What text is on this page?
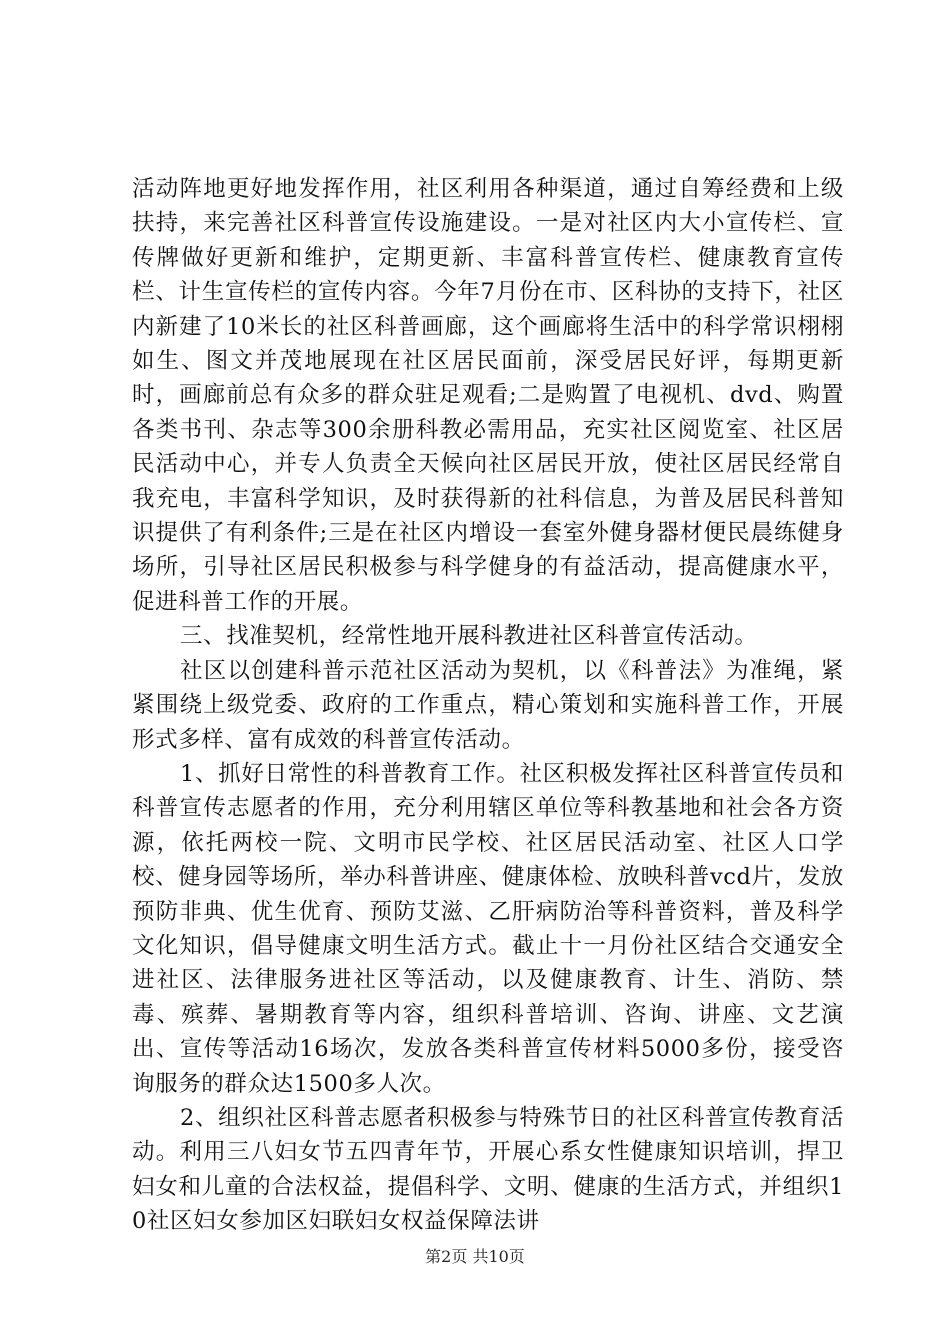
活动阵地更好地发挥作用，社区利用各种渠道，通过自筹经费和上级扶持，来完善社区科普宣传设施建设。一是对社区内大小宣传栏、宣传牌做好更新和维护，定期更新、丰富科普宣传栏、健康教育宣传栏、计生宣传栏的宣传内容。今年7月份在市、区科协的支持下，社区内新建了10米长的社区科普画廊，这个画廊将生活中的科学常识栩栩如生、图文并茂地展现在社区居民面前，深受居民好评，每期更新时，画廊前总有众多的群众驻足观看;二是购置了电视机、dvd、购置各类书刊、杂志等300余册科教必需用品，充实社区阅览室、社区居民活动中心，并专人负责全天候向社区居民开放，使社区居民经常自我充电，丰富科学知识，及时获得新的社科信息，为普及居民科普知识提供了有利条件;三是在社区内增设一套室外健身器材便民晨练健身场所，引导社区居民积极参与科学健身的有益活动，提高健康水平，促进科普工作的开展。

三、找准契机，经常性地开展科教进社区科普宣传活动。

社区以创建科普示范社区活动为契机，以《科普法》为准绳，紧紧围绕上级党委、政府的工作重点，精心策划和实施科普工作，开展形式多样、富有成效的科普宣传活动。

1、抓好日常性的科普教育工作。社区积极发挥社区科普宣传员和科普宣传志愿者的作用，充分利用辖区单位等科教基地和社会各方资源，依托两校一院、文明市民学校、社区居民活动室、社区人口学校、健身园等场所，举办科普讲座、健康体检、放映科普vcd片，发放预防非典、优生优育、预防艾滋、乙肝病防治等科普资料，普及科学文化知识，倡导健康文明生活方式。截止十一月份社区结合交通安全进社区、法律服务进社区等活动，以及健康教育、计生、消防、禁毒、殡葬、暑期教育等内容，组织科普培训、咨询、讲座、文艺演出、宣传等活动16场次，发放各类科普宣传材料5000多份，接受咨询服务的群众达1500多人次。

2、组织社区科普志愿者积极参与特殊节日的社区科普宣传教育活动。利用三八妇女节五四青年节，开展心系女性健康知识培训，捍卫妇女和儿童的合法权益，提倡科学、文明、健康的生活方式，并组织10社区妇女参加区妇联妇女权益保障法讲

第2页 共10页
